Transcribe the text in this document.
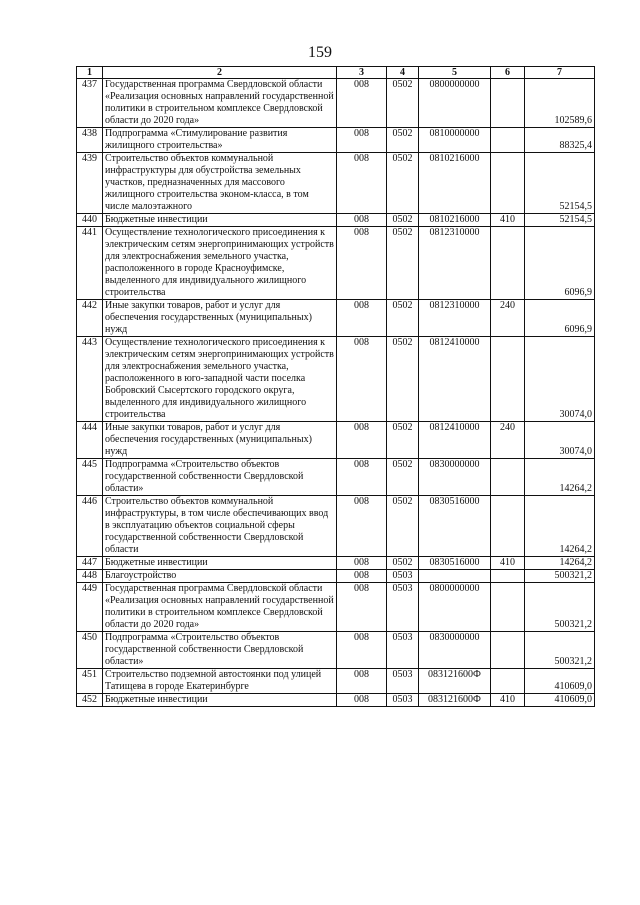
159
1	2	3	4	5	6	7
437	Государственная программа Свердловской области «Реализация основных направлений государственной политики в строительном комплексе Свердловской области до 2020 года»	008	0502	0800000000		102589,6
438	Подпрограмма «Стимулирование развития жилищного строительства»	008	0502	0810000000		88325,4
439	Строительство объектов коммунальной инфраструктуры для обустройства земельных участков, предназначенных для массового жилищного строительства эконом-класса, в том числе малоэтажного	008	0502	0810216000		52154,5
440	Бюджетные инвестиции	008	0502	0810216000	410	52154,5
441	Осуществление технологического присоединения к электрическим сетям энергопринимающих устройств для электроснабжения земельного участка, расположенного в городе Красноуфимске, выделенного для индивидуального жилищного строительства	008	0502	0812310000		6096,9
442	Иные закупки товаров, работ и услуг для обеспечения государственных (муниципальных) нужд	008	0502	0812310000	240	6096,9
443	Осуществление технологического присоединения к электрическим сетям энергопринимающих устройств для электроснабжения земельного участка, расположенного в юго-западной части поселка Бобровский Сысертского городского округа, выделенного для индивидуального жилищного строительства	008	0502	0812410000		30074,0
444	Иные закупки товаров, работ и услуг для обеспечения государственных (муниципальных) нужд	008	0502	0812410000	240	30074,0
445	Подпрограмма «Строительство объектов государственной собственности Свердловской области»	008	0502	0830000000		14264,2
446	Строительство объектов коммунальной инфраструктуры, в том числе обеспечивающих ввод в эксплуатацию объектов социальной сферы государственной собственности Свердловской области	008	0502	0830516000		14264,2
447	Бюджетные инвестиции	008	0502	0830516000	410	14264,2
448	Благоустройство	008	0503			500321,2
449	Государственная программа Свердловской области «Реализация основных направлений государственной политики в строительном комплексе Свердловской области до 2020 года»	008	0503	0800000000		500321,2
450	Подпрограмма «Строительство объектов государственной собственности Свердловской области»	008	0503	0830000000		500321,2
451	Строительство подземной автостоянки под улицей Татищева в городе Екатеринбурге	008	0503	083121600Ф		410609,0
452	Бюджетные инвестиции	008	0503	083121600Ф	410	410609,0
